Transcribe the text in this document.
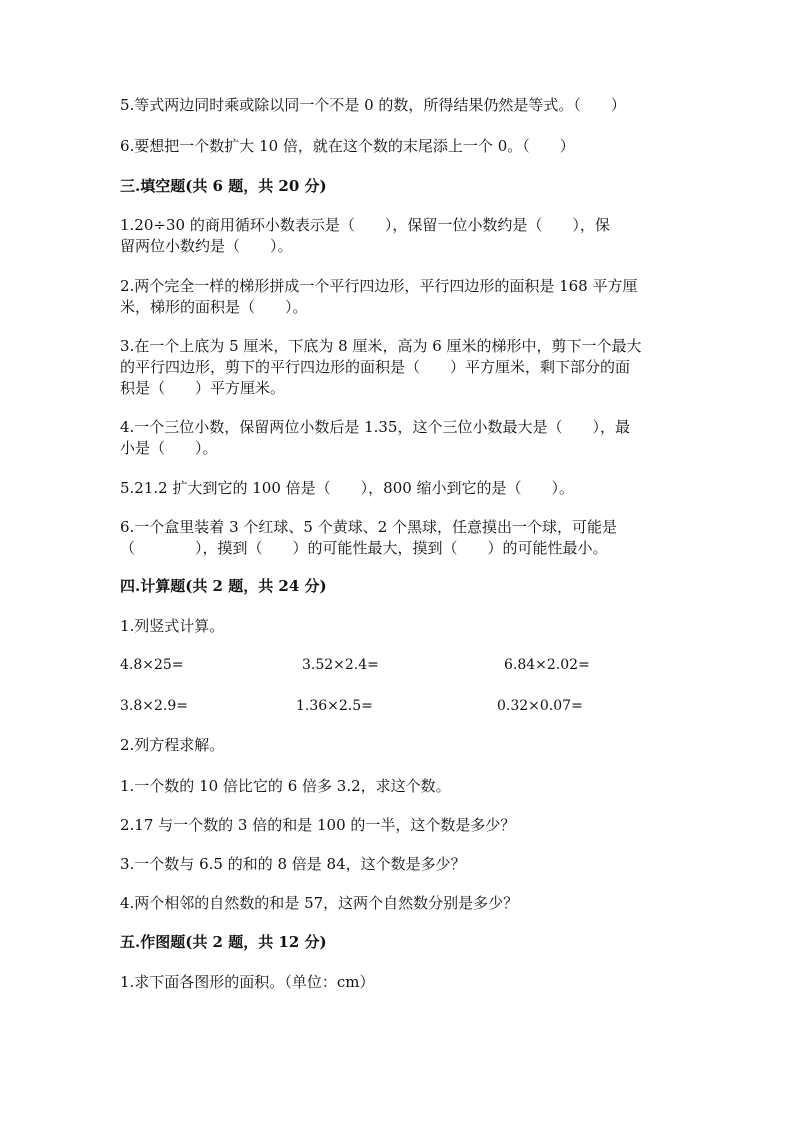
5.等式两边同时乘或除以同一个不是 0 的数，所得结果仍然是等式。（　　）
6.要想把一个数扩大 10 倍，就在这个数的末尾添上一个 0。（　　）
三.填空题(共 6 题，共 20 分)
1.20÷30 的商用循环小数表示是（　　），保留一位小数约是（　　），保
留两位小数约是（　　）。
2.两个完全一样的梯形拼成一个平行四边形，平行四边形的面积是 168 平方厘
米，梯形的面积是（　　）。
3.在一个上底为 5 厘米，下底为 8 厘米，高为 6 厘米的梯形中，剪下一个最大
的平行四边形，剪下的平行四边形的面积是（　　）平方厘米，剩下部分的面
积是（　　）平方厘米。
4.一个三位小数，保留两位小数后是 1.35，这个三位小数最大是（　　），最
小是（　　）。
5.21.2 扩大到它的 100 倍是（　　），800 缩小到它的是（　　）。
6.一个盒里装着 3 个红球、5 个黄球、2 个黑球，任意摸出一个球，可能是
（　　　　），摸到（　　）的可能性最大，摸到（　　）的可能性最小。
四.计算题(共 2 题，共 24 分)
1.列竖式计算。
4.8×25=	3.52×2.4=	6.84×2.02=
3.8×2.9=	1.36×2.5=	0.32×0.07=
2.列方程求解。
1.一个数的 10 倍比它的 6 倍多 3.2，求这个数。
2.17 与一个数的 3 倍的和是 100 的一半，这个数是多少？
3.一个数与 6.5 的和的 8 倍是 84，这个数是多少？
4.两个相邻的自然数的和是 57，这两个自然数分别是多少？
五.作图题(共 2 题，共 12 分)
1.求下面各图形的面积。（单位：cm）
